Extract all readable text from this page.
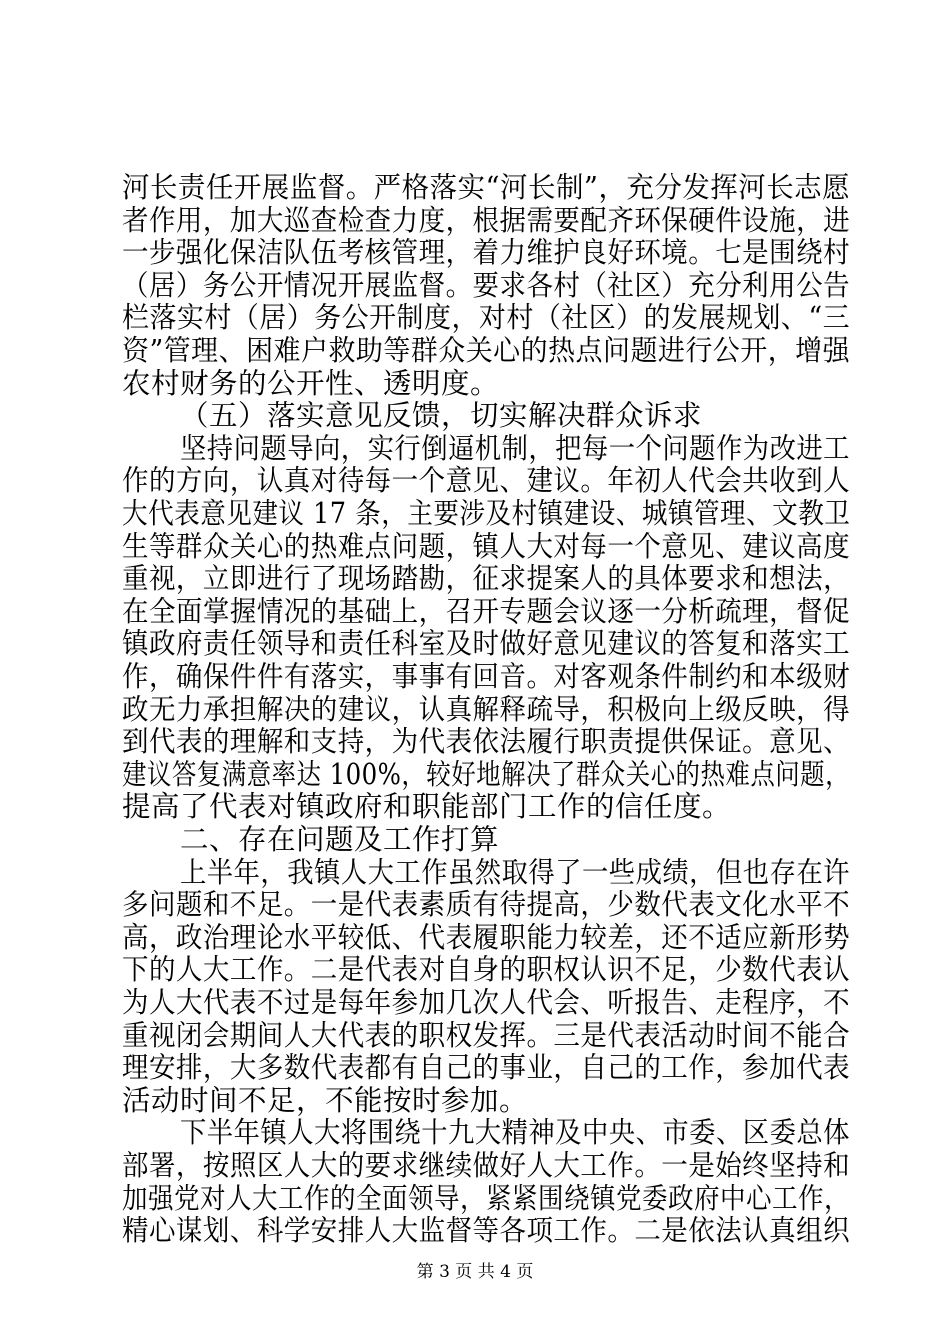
河长责任开展监督。严格落实“河长制”，充分发挥河长志愿
者作用，加大巡查检查力度，根据需要配齐环保硬件设施，进
一步强化保洁队伍考核管理，着力维护良好环境。七是围绕村
（居）务公开情况开展监督。要求各村（社区）充分利用公告
栏落实村（居）务公开制度，对村（社区）的发展规划、“三
资”管理、困难户救助等群众关心的热点问题进行公开，增强
农村财务的公开性、透明度。
（五）落实意见反馈，切实解决群众诉求
坚持问题导向，实行倒逼机制，把每一个问题作为改进工
作的方向，认真对待每一个意见、建议。年初人代会共收到人
大代表意见建议 17 条，主要涉及村镇建设、城镇管理、文教卫
生等群众关心的热难点问题，镇人大对每一个意见、建议高度
重视，立即进行了现场踏勘，征求提案人的具体要求和想法，
在全面掌握情况的基础上，召开专题会议逐一分析疏理，督促
镇政府责任领导和责任科室及时做好意见建议的答复和落实工
作，确保件件有落实，事事有回音。对客观条件制约和本级财
政无力承担解决的建议，认真解释疏导，积极向上级反映，得
到代表的理解和支持，为代表依法履行职责提供保证。意见、
建议答复满意率达 100%，较好地解决了群众关心的热难点问题，
提高了代表对镇政府和职能部门工作的信任度。
二、存在问题及工作打算
上半年，我镇人大工作虽然取得了一些成绩，但也存在许
多问题和不足。一是代表素质有待提高，少数代表文化水平不
高，政治理论水平较低、代表履职能力较差，还不适应新形势
下的人大工作。二是代表对自身的职权认识不足，少数代表认
为人大代表不过是每年参加几次人代会、听报告、走程序，不
重视闭会期间人大代表的职权发挥。三是代表活动时间不能合
理安排，大多数代表都有自己的事业，自己的工作，参加代表
活动时间不足，不能按时参加。
下半年镇人大将围绕十九大精神及中央、市委、区委总体
部署，按照区人大的要求继续做好人大工作。一是始终坚持和
加强党对人大工作的全面领导，紧紧围绕镇党委政府中心工作，
精心谋划、科学安排人大监督等各项工作。二是依法认真组织
第 3 页 共 4 页
